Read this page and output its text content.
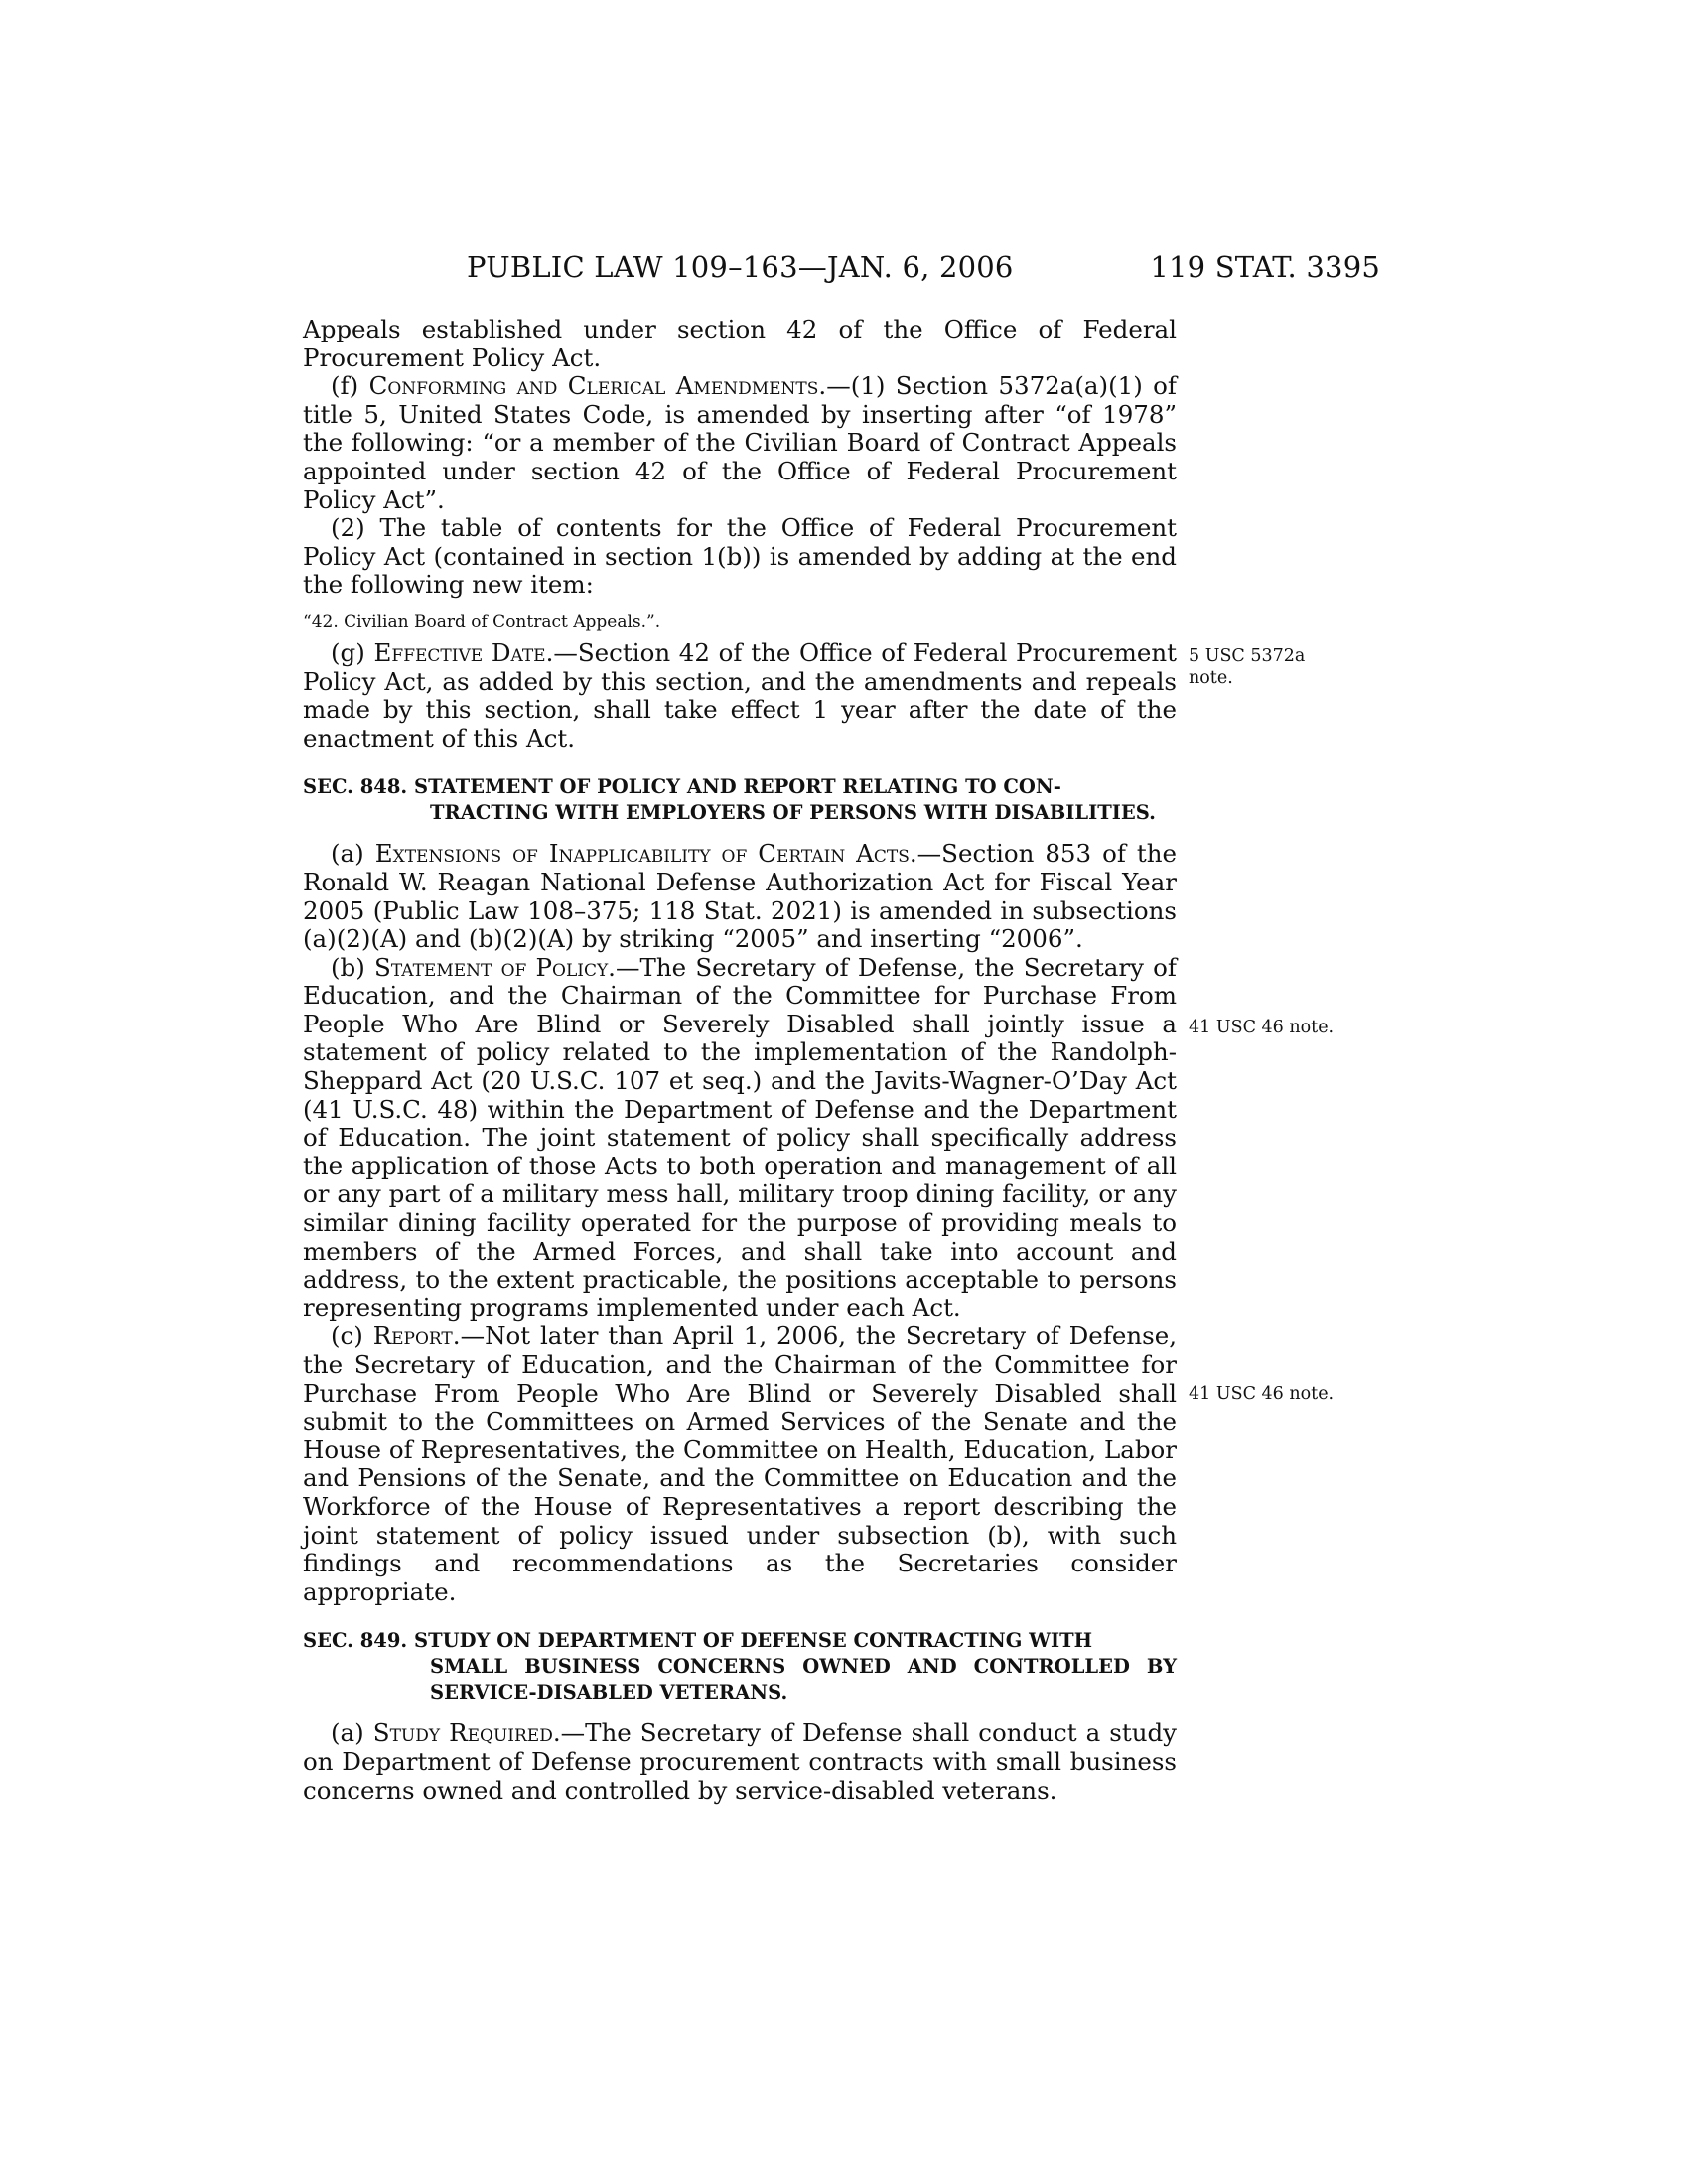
PUBLIC LAW 109–163—JAN. 6, 2006	119 STAT. 3395

Appeals established under section 42 of the Office of Federal Procurement Policy Act.

(f) Conforming and Clerical Amendments.—(1) Section 5372a(a)(1) of title 5, United States Code, is amended by inserting after “of 1978” the following: “or a member of the Civilian Board of Contract Appeals appointed under section 42 of the Office of Federal Procurement Policy Act”.

(2) The table of contents for the Office of Federal Procurement Policy Act (contained in section 1(b)) is amended by adding at the end the following new item:

“42. Civilian Board of Contract Appeals.”.

(g) Effective Date.—Section 42 of the Office of Federal Procurement Policy Act, as added by this section, and the amendments and repeals made by this section, shall take effect 1 year after the date of the enactment of this Act.

SEC. 848. STATEMENT OF POLICY AND REPORT RELATING TO CON-
TRACTING WITH EMPLOYERS OF PERSONS WITH DISABILITIES.

(a) Extensions of Inapplicability of Certain Acts.—Section 853 of the Ronald W. Reagan National Defense Authorization Act for Fiscal Year 2005 (Public Law 108–375; 118 Stat. 2021) is amended in subsections (a)(2)(A) and (b)(2)(A) by striking “2005” and inserting “2006”.

(b) Statement of Policy.—The Secretary of Defense, the Secretary of Education, and the Chairman of the Committee for Purchase From People Who Are Blind or Severely Disabled shall jointly issue a statement of policy related to the implementation of the Randolph-Sheppard Act (20 U.S.C. 107 et seq.) and the Javits-Wagner-O’Day Act (41 U.S.C. 48) within the Department of Defense and the Department of Education. The joint statement of policy shall specifically address the application of those Acts to both operation and management of all or any part of a military mess hall, military troop dining facility, or any similar dining facility operated for the purpose of providing meals to members of the Armed Forces, and shall take into account and address, to the extent practicable, the positions acceptable to persons representing programs implemented under each Act.

(c) Report.—Not later than April 1, 2006, the Secretary of Defense, the Secretary of Education, and the Chairman of the Committee for Purchase From People Who Are Blind or Severely Disabled shall submit to the Committees on Armed Services of the Senate and the House of Representatives, the Committee on Health, Education, Labor and Pensions of the Senate, and the Committee on Education and the Workforce of the House of Representatives a report describing the joint statement of policy issued under subsection (b), with such findings and recommendations as the Secretaries consider appropriate.

SEC. 849. STUDY ON DEPARTMENT OF DEFENSE CONTRACTING WITH
SMALL BUSINESS CONCERNS OWNED AND CONTROLLED BY SERVICE-DISABLED VETERANS.

(a) Study Required.—The Secretary of Defense shall conduct a study on Department of Defense procurement contracts with small business concerns owned and controlled by service-disabled veterans.

5 USC 5372a
note.
41 USC 46 note.
41 USC 46 note.
